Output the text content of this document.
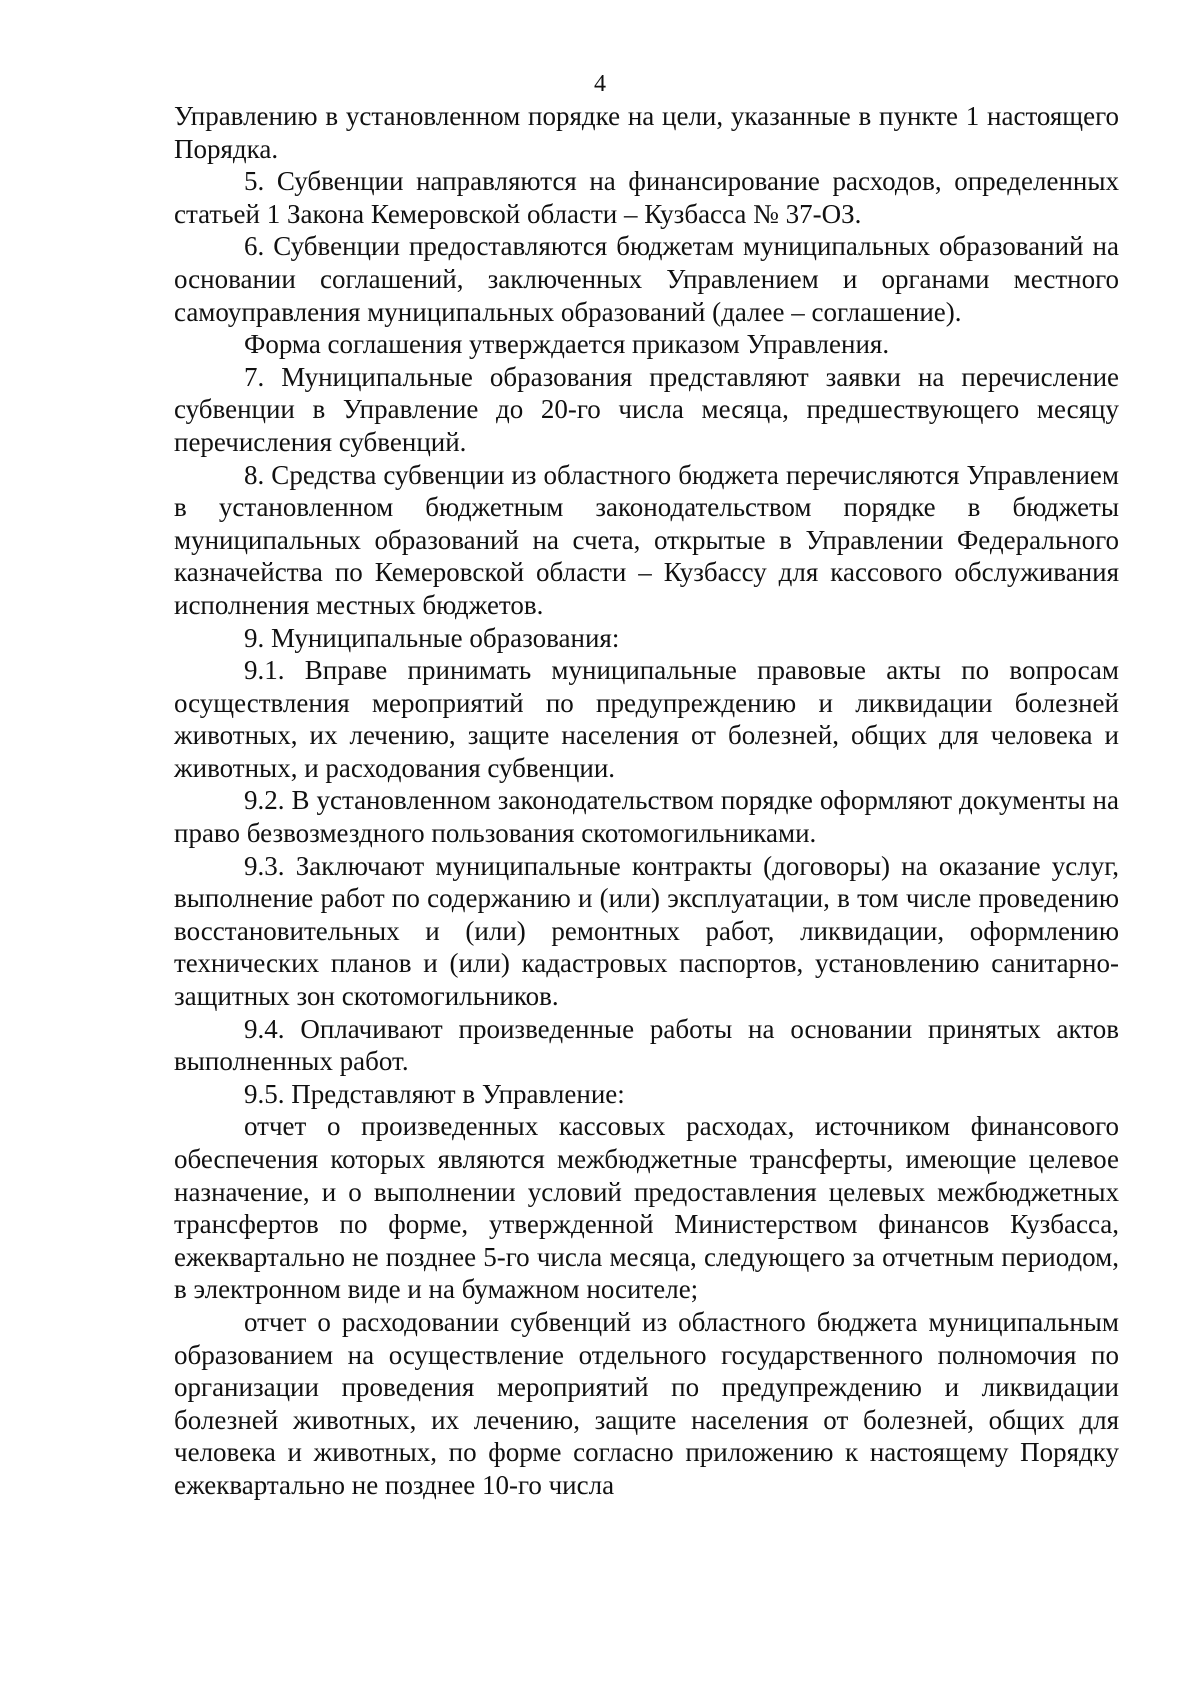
4

Управлению в установленном порядке на цели, указанные в пункте 1 настоящего Порядка.

5. Субвенции направляются на финансирование расходов, определенных статьей 1 Закона Кемеровской области – Кузбасса № 37-ОЗ.

6. Субвенции предоставляются бюджетам муниципальных образований на основании соглашений, заключенных Управлением и органами местного самоуправления муниципальных образований (далее – соглашение).

Форма соглашения утверждается приказом Управления.

7. Муниципальные образования представляют заявки на перечисление субвенции в Управление до 20-го числа месяца, предшествующего месяцу перечисления субвенций.

8. Средства субвенции из областного бюджета перечисляются Управлением в установленном бюджетным законодательством порядке в бюджеты муниципальных образований на счета, открытые в Управлении Федерального казначейства по Кемеровской области – Кузбассу для кассового обслуживания исполнения местных бюджетов.

9. Муниципальные образования:

9.1. Вправе принимать муниципальные правовые акты по вопросам осуществления мероприятий по предупреждению и ликвидации болезней животных, их лечению, защите населения от болезней, общих для человека и животных, и расходования субвенции.

9.2. В установленном законодательством порядке оформляют документы на право безвозмездного пользования скотомогильниками.

9.3. Заключают муниципальные контракты (договоры) на оказание услуг, выполнение работ по содержанию и (или) эксплуатации, в том числе проведению восстановительных и (или) ремонтных работ, ликвидации, оформлению технических планов и (или) кадастровых паспортов, установлению санитарно-защитных зон скотомогильников.

9.4. Оплачивают произведенные работы на основании принятых актов выполненных работ.

9.5. Представляют в Управление:

отчет о произведенных кассовых расходах, источником финансового обеспечения которых являются межбюджетные трансферты, имеющие целевое назначение, и о выполнении условий предоставления целевых межбюджетных трансфертов по форме, утвержденной Министерством финансов Кузбасса, ежеквартально не позднее 5-го числа месяца, следующего за отчетным периодом, в электронном виде и на бумажном носителе;

отчет о расходовании субвенций из областного бюджета муниципальным образованием на осуществление отдельного государственного полномочия по организации проведения мероприятий по предупреждению и ликвидации болезней животных, их лечению, защите населения от болезней, общих для человека и животных, по форме согласно приложению к настоящему Порядку ежеквартально не позднее 10-го числа
